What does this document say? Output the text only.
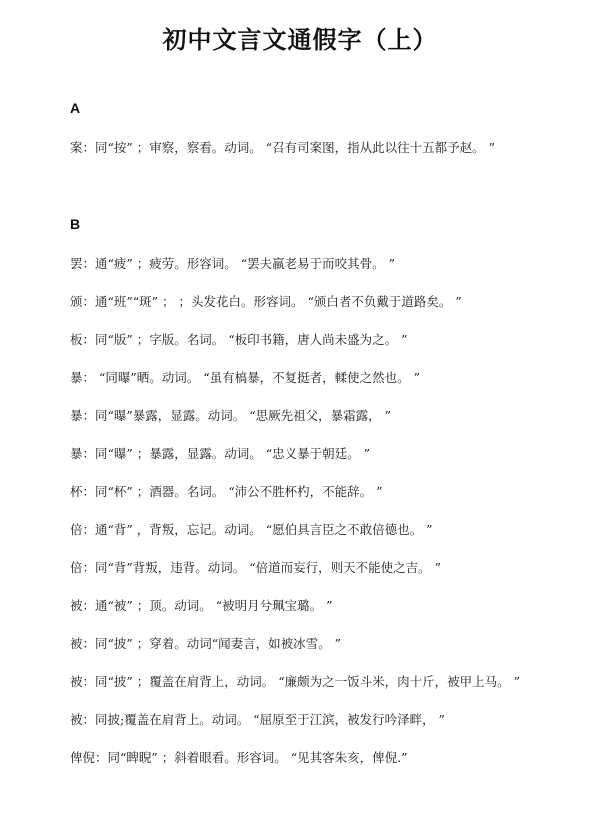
初中文言文通假字（上）
A
案：同“按” ；审察，察看。动词。 “召有司案图，指从此以往十五都予赵。 ”
B
罢：通“疲” ；疲劳。形容词。 “罢夫羸老易于而咬其骨。 ”
颁：通“班”“斑” ； ；头发花白。形容词。 “颁白者不负戴于道路矣。 ”
板：同“版” ；字版。名词。 “板印书籍，唐人尚未盛为之。 ”
暴： “同曝”晒。动词。 “虽有槁暴，不复挺者，輮使之然也。 ”
暴：同“曝”暴露，显露。动词。 “思厥先祖父，暴霜露， ”
暴：同“曝” ；暴露，显露。动词。 “忠义暴于朝廷。 ”
杯：同“杯” ；酒器。名词。 “沛公不胜杯杓，不能辞。 ”
倍：通“背” ，背叛，忘记。动词。 “愿伯具言臣之不敢倍德也。 ”
倍：同“背”背叛，违背。动词。 “倍道而妄行，则天不能使之吉。 ”
被：通“被” ；顶。动词。 “被明月兮珮宝璐。 ”
被：同“披” ；穿着。动词“闻妻言，如被冰雪。 ”
被：同“披” ；覆盖在肩背上，动词。 “廉颇为之一饭斗米，肉十斤，被甲上马。 ”
被：同披;覆盖在肩背上。动词。 “屈原至于江滨，被发行吟泽畔， ”
俾倪：同“睥睨” ；斜着眼看。形容词。 “见其客朱亥，俾倪.”
